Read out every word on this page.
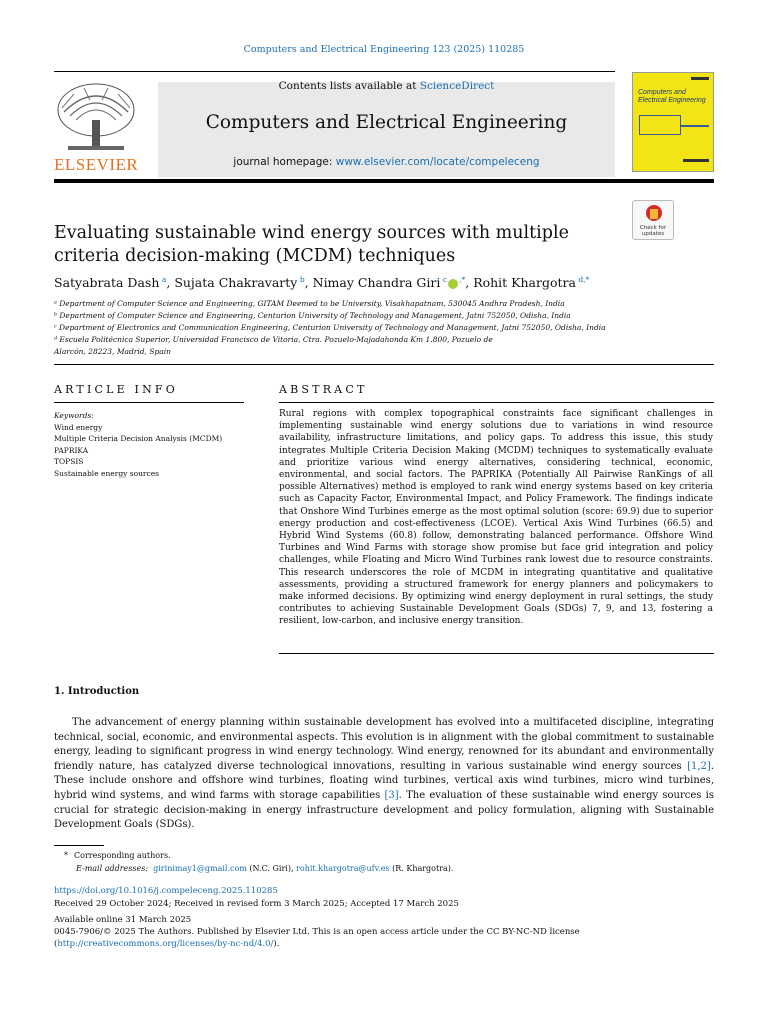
Computers and Electrical Engineering 123 (2025) 110285
ELSEVIER
Contents lists available at ScienceDirect
Computers and Electrical Engineering
journal homepage: www.elsevier.com/locate/compeleceng
Computers and Electrical Engineering
Evaluating sustainable wind energy sources with multiple criteria decision-making (MCDM) techniques
Check for updates
Satyabrata Dash  $^a$, Sujata Chakravarty  $^b$, Nimay Chandra Giri  $^c$ ,*, Rohit Khargotra  $^{d,*}$
ᵃ Department of Computer Science and Engineering, GITAM Deemed to be University, Visakhapatnam, 530045 Andhra Pradesh, India
ᵇ Department of Computer Science and Engineering, Centurion University of Technology and Management, Jatni 752050, Odisha, India
ᶜ Department of Electronics and Communication Engineering, Centurion University of Technology and Management, Jatni 752050, Odisha, India
ᵈ Escuela Politécnica Superior, Universidad Francisco de Vitoria, Ctra. Pozuelo-Majadahonda Km 1.800, Pozuelo de
Alarcón, 28223, Madrid, Spain
ARTICLE INFO	ABSTRACT
Keywords:
Wind energy
Multiple Criteria Decision Analysis (MCDM)
PAPRIKA
TOPSIS
Sustainable energy sources
Rural regions with complex topographical constraints face significant challenges in implementing sustainable wind energy solutions due to variations in wind resource availability, infrastructure limitations, and policy gaps. To address this issue, this study integrates Multiple Criteria Decision Making (MCDM) techniques to systematically evaluate and prioritize various wind energy alternatives, considering technical, economic, environmental, and social factors. The PAPRIKA (Potentially All Pairwise RanKings of all possible Alternatives) method is employed to rank wind energy systems based on key criteria such as Capacity Factor, Environmental Impact, and Policy Framework. The findings indicate that Onshore Wind Turbines emerge as the most optimal solution (score: 69.9) due to superior energy production and cost-effectiveness (LCOE). Vertical Axis Wind Turbines (66.5) and Hybrid Wind Systems (60.8) follow, demonstrating balanced performance. Offshore Wind Turbines and Wind Farms with storage show promise but face grid integration and policy challenges, while Floating and Micro Wind Turbines rank lowest due to resource constraints. This research underscores the role of MCDM in integrating quantitative and qualitative assessments, providing a structured framework for energy planners and policymakers to make informed decisions. By optimizing wind energy deployment in rural settings, the study contributes to achieving Sustainable Development Goals (SDGs) 7, 9, and 13, fostering a resilient, low-carbon, and inclusive energy transition.
1. Introduction
The advancement of energy planning within sustainable development has evolved into a multifaceted discipline, integrating technical, social, economic, and environmental aspects. This evolution is in alignment with the global commitment to sustainable energy, leading to significant progress in wind energy technology. Wind energy, renowned for its abundant and environmentally friendly nature, has catalyzed diverse technological innovations, resulting in various sustainable wind energy sources [1,2]. These include onshore and offshore wind turbines, floating wind turbines, vertical axis wind turbines, micro wind turbines, hybrid wind systems, and wind farms with storage capabilities [3]. The evaluation of these sustainable wind energy sources is crucial for strategic decision-making in energy infrastructure development and policy formulation, aligning with Sustainable Development Goals (SDGs).
* Corresponding authors.
E-mail addresses: girinimay1@gmail.com (N.C. Giri), rohit.khargotra@ufv.es (R. Khargotra).
https://doi.org/10.1016/j.compeleceng.2025.110285
Received 29 October 2024; Received in revised form 3 March 2025; Accepted 17 March 2025
Available online 31 March 2025
0045-7906/© 2025 The Authors. Published by Elsevier Ltd. This is an open access article under the CC BY-NC-ND license
(http://creativecommons.org/licenses/by-nc-nd/4.0/).
